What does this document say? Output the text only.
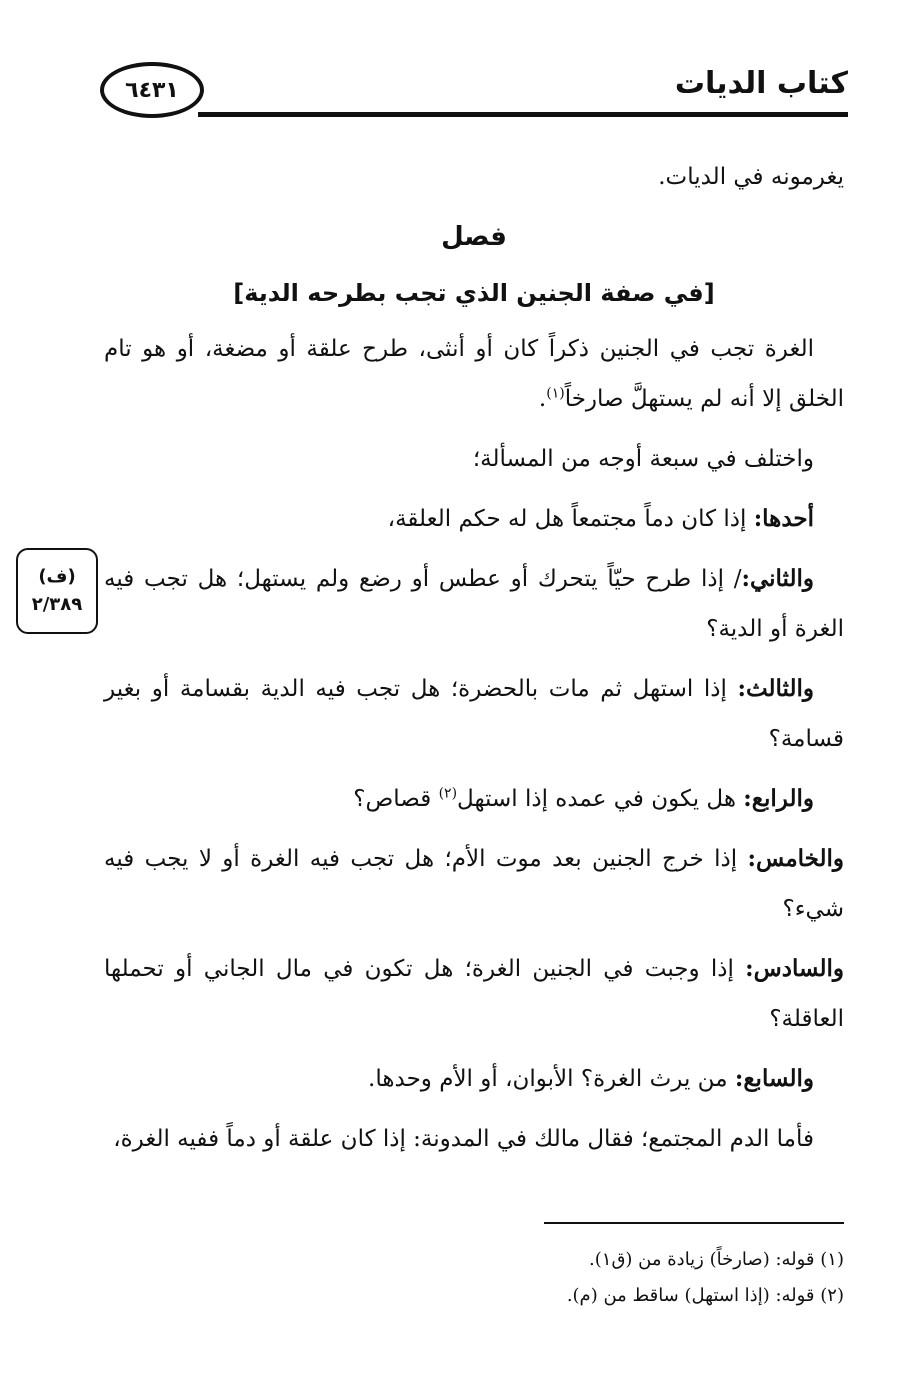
٦٤٣١	كتاب الديات

يغرمونه في الديات.

فصل

[في صفة الجنين الذي تجب بطرحه الدية]

الغرة تجب في الجنين ذكراً كان أو أنثى، طرح علقة أو مضغة، أو هو تام الخلق إلا أنه لم يستهلَّ صارخاً$^{(١)}$.

واختلف في سبعة أوجه من المسألة؛

أحدها: إذا كان دماً مجتمعاً هل له حكم العلقة،

والثاني:/ إذا طرح حيّاً يتحرك أو عطس أو رضع ولم يستهل؛ هل تجب فيه الغرة أو الدية؟

والثالث: إذا استهل ثم مات بالحضرة؛ هل تجب فيه الدية بقسامة أو بغير قسامة؟

والرابع: هل يكون في عمده إذا استهل$^{(٢)}$ قصاص؟

والخامس: إذا خرج الجنين بعد موت الأم؛ هل تجب فيه الغرة أو لا يجب فيه شيء؟

والسادس: إذا وجبت في الجنين الغرة؛ هل تكون في مال الجاني أو تحملها العاقلة؟

والسابع: من يرث الغرة؟ الأبوان، أو الأم وحدها.

فأما الدم المجتمع؛ فقال مالك في المدونة: إذا كان علقة أو دماً ففيه الغرة،

(ف)
٢/٣٨٩

(١) قوله: (صارخاً) زيادة من (ق١).

(٢) قوله: (إذا استهل) ساقط من (م).
